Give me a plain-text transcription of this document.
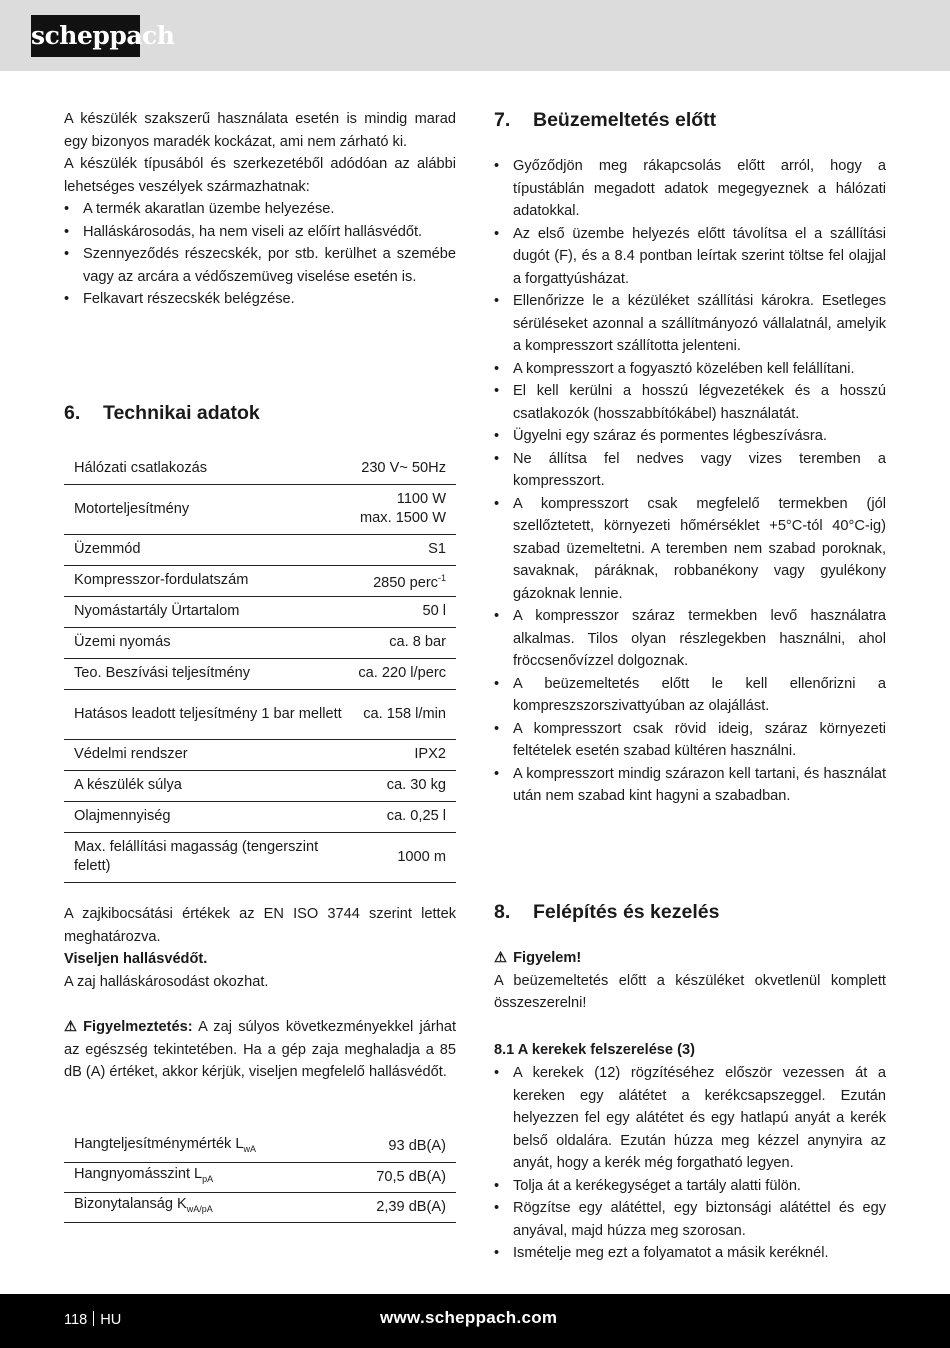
scheppach

A készülék szakszerű használata esetén is mindig marad egy bizonyos maradék kockázat, ami nem zárható ki.

A készülék típusából és szerkezetéből adódóan az alábbi lehetséges veszélyek származhatnak:

• A termék akaratlan üzembe helyezése.
• Halláskárosodás, ha nem viseli az előírt hallásvédőt.
• Szennyeződés részecskék, por stb. kerülhet a szemébe vagy az arcára a védőszemüveg viselése esetén is.
• Felkavart részecskék belégzése.
6. Technikai adatok
Hálózati csatlakozás	230 V~ 50Hz
Motorteljesítmény	1100 W
max. 1500 W

Üzemmód	S1
Kompresszor-fordulatszám	2850 perc$^{-1}$
Nyomástartály Ürtartalom	50 l
Üzemi nyomás	ca. 8 bar
Teo. Beszívási teljesítmény	ca. 220 l/perc
Hatásos leadott teljesítmény 1 bar mellett	ca. 158 l/min
Védelmi rendszer	IPX2
A készülék súlya	ca. 30 kg
Olajmennyiség	ca. 0,25 l
Max. felállítási magasság (tengerszint felett)	1000 m

A zajkibocsátási értékek az EN ISO 3744 szerint lettek meghatározva.

Viseljen hallásvédőt.

A zaj halláskárosodást okozhat.

⚠ Figyelmeztetés: A zaj súlyos következményekkel járhat az egészség tekintetében. Ha a gép zaja meghaladja a 85 dB (A) értéket, akkor kérjük, viseljen megfelelő hallásvédőt.

Hangteljesítménymérték $L_{wA}$	93 dB(A)
Hangnyomásszint $L_{pA}$	70,5 dB(A)
Bizonytalanság $K_{wA/pA}$	2,39 dB(A)
7. Beüzemeltetés előtt
• Győződjön meg rákapcsolás előtt arról, hogy a típustáblán megadott adatok megegyeznek a hálózati adatokkal.
• Az első üzembe helyezés előtt távolítsa el a szállítási dugót (F), és a 8.4 pontban leírtak szerint töltse fel olajjal a forgattyúsházat.
• Ellenőrizze le a kézüléket szállítási károkra. Esetleges sérüléseket azonnal a szállítmányozó vállalatnál, amelyik a kompresszort szállította jelenteni.
• A kompresszort a fogyasztó közelében kell felállítani.
• El kell kerülni a hosszú légvezetékek és a hosszú csatlakozók (hosszabbítókábel) használatát.
• Ügyelni egy száraz és pormentes légbeszívásra.
• Ne állítsa fel nedves vagy vizes teremben a kompresszort.
• A kompresszort csak megfelelő termekben (jól szellőztetett, környezeti hőmérséklet +5°C-tól 40°C-ig) szabad üzemeltetni. A teremben nem szabad poroknak, savaknak, páráknak, robbanékony vagy gyulékony gázoknak lennie.
• A kompresszor száraz termekben levő használatra alkalmas. Tilos olyan részlegekben használni, ahol fröccsenővízzel dolgoznak.
• A beüzemeltetés előtt le kell ellenőrizni a kompreszszorszivattyúban az olajállást.
• A kompresszort csak rövid ideig, száraz környezeti feltételek esetén szabad kültéren használni.
• A kompresszort mindig szárazon kell tartani, és használat után nem szabad kint hagyni a szabadban.
8. Felépítés és kezelés

⚠ Figyelem!

A beüzemeltetés előtt a készüléket okvetlenül komplett összeszerelni!

8.1 A kerekek felszerelése (3)
• A kerekek (12) rögzítéséhez először vezessen át a kereken egy alátétet a kerékcsapszeggel. Ezután helyezzen fel egy alátétet és egy hatlapú anyát a kerék belső oldalára. Ezután húzza meg kézzel anynyira az anyát, hogy a kerék még forgatható legyen.
• Tolja át a kerékegységet a tartály alatti fülön.
• Rögzítse egy alátéttel, egy biztonsági alátéttel és egy anyával, majd húzza meg szorosan.
• Ismételje meg ezt a folyamatot a másik keréknél.
118 HU	www.scheppach.com
